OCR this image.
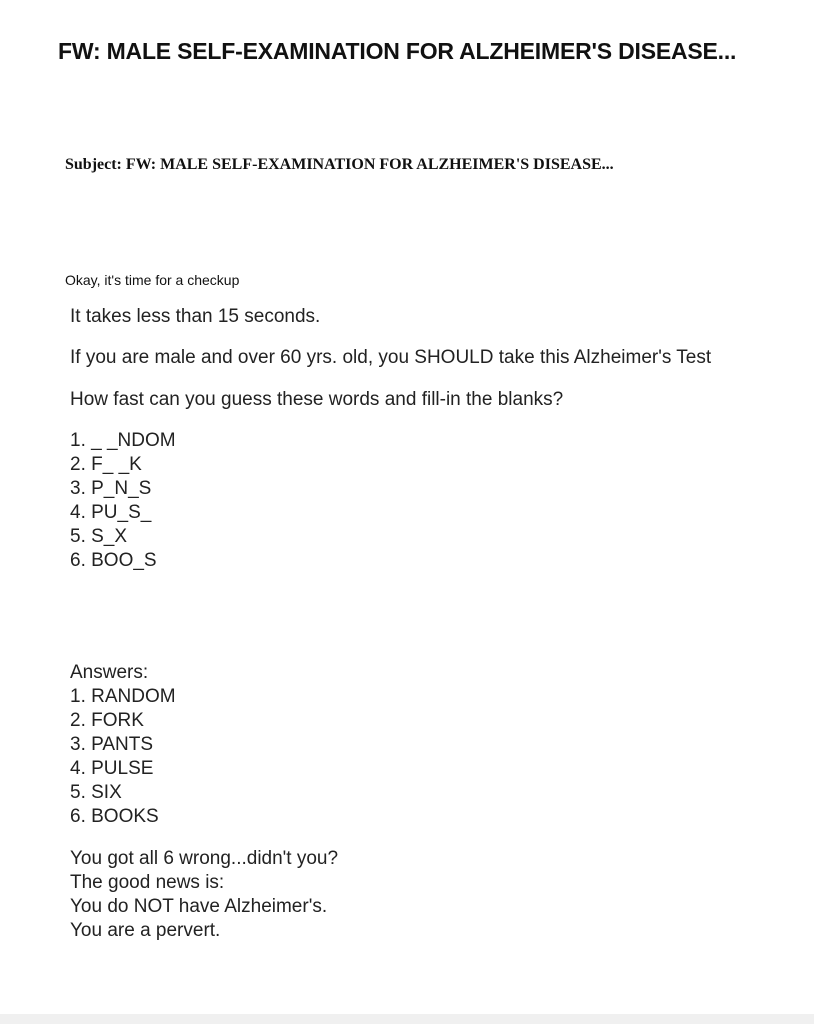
FW: MALE SELF-EXAMINATION FOR ALZHEIMER'S DISEASE...

Subject: FW: MALE SELF-EXAMINATION FOR ALZHEIMER'S DISEASE...

Okay, it's time for a checkup

It takes less than 15 seconds.

If you are male and over 60 yrs. old, you SHOULD take this Alzheimer's Test

How fast can you guess these words and fill-in the blanks?

1. _ _NDOM
2. F_ _K
3. P_N_S
4. PU_S_
5. S_X
6. BOO_S
Answers:
1. RANDOM
2. FORK
3. PANTS
4. PULSE
5. SIX
6. BOOKS
You got all 6 wrong...didn't you?
The good news is:
You do NOT have Alzheimer's.
You are a pervert.
